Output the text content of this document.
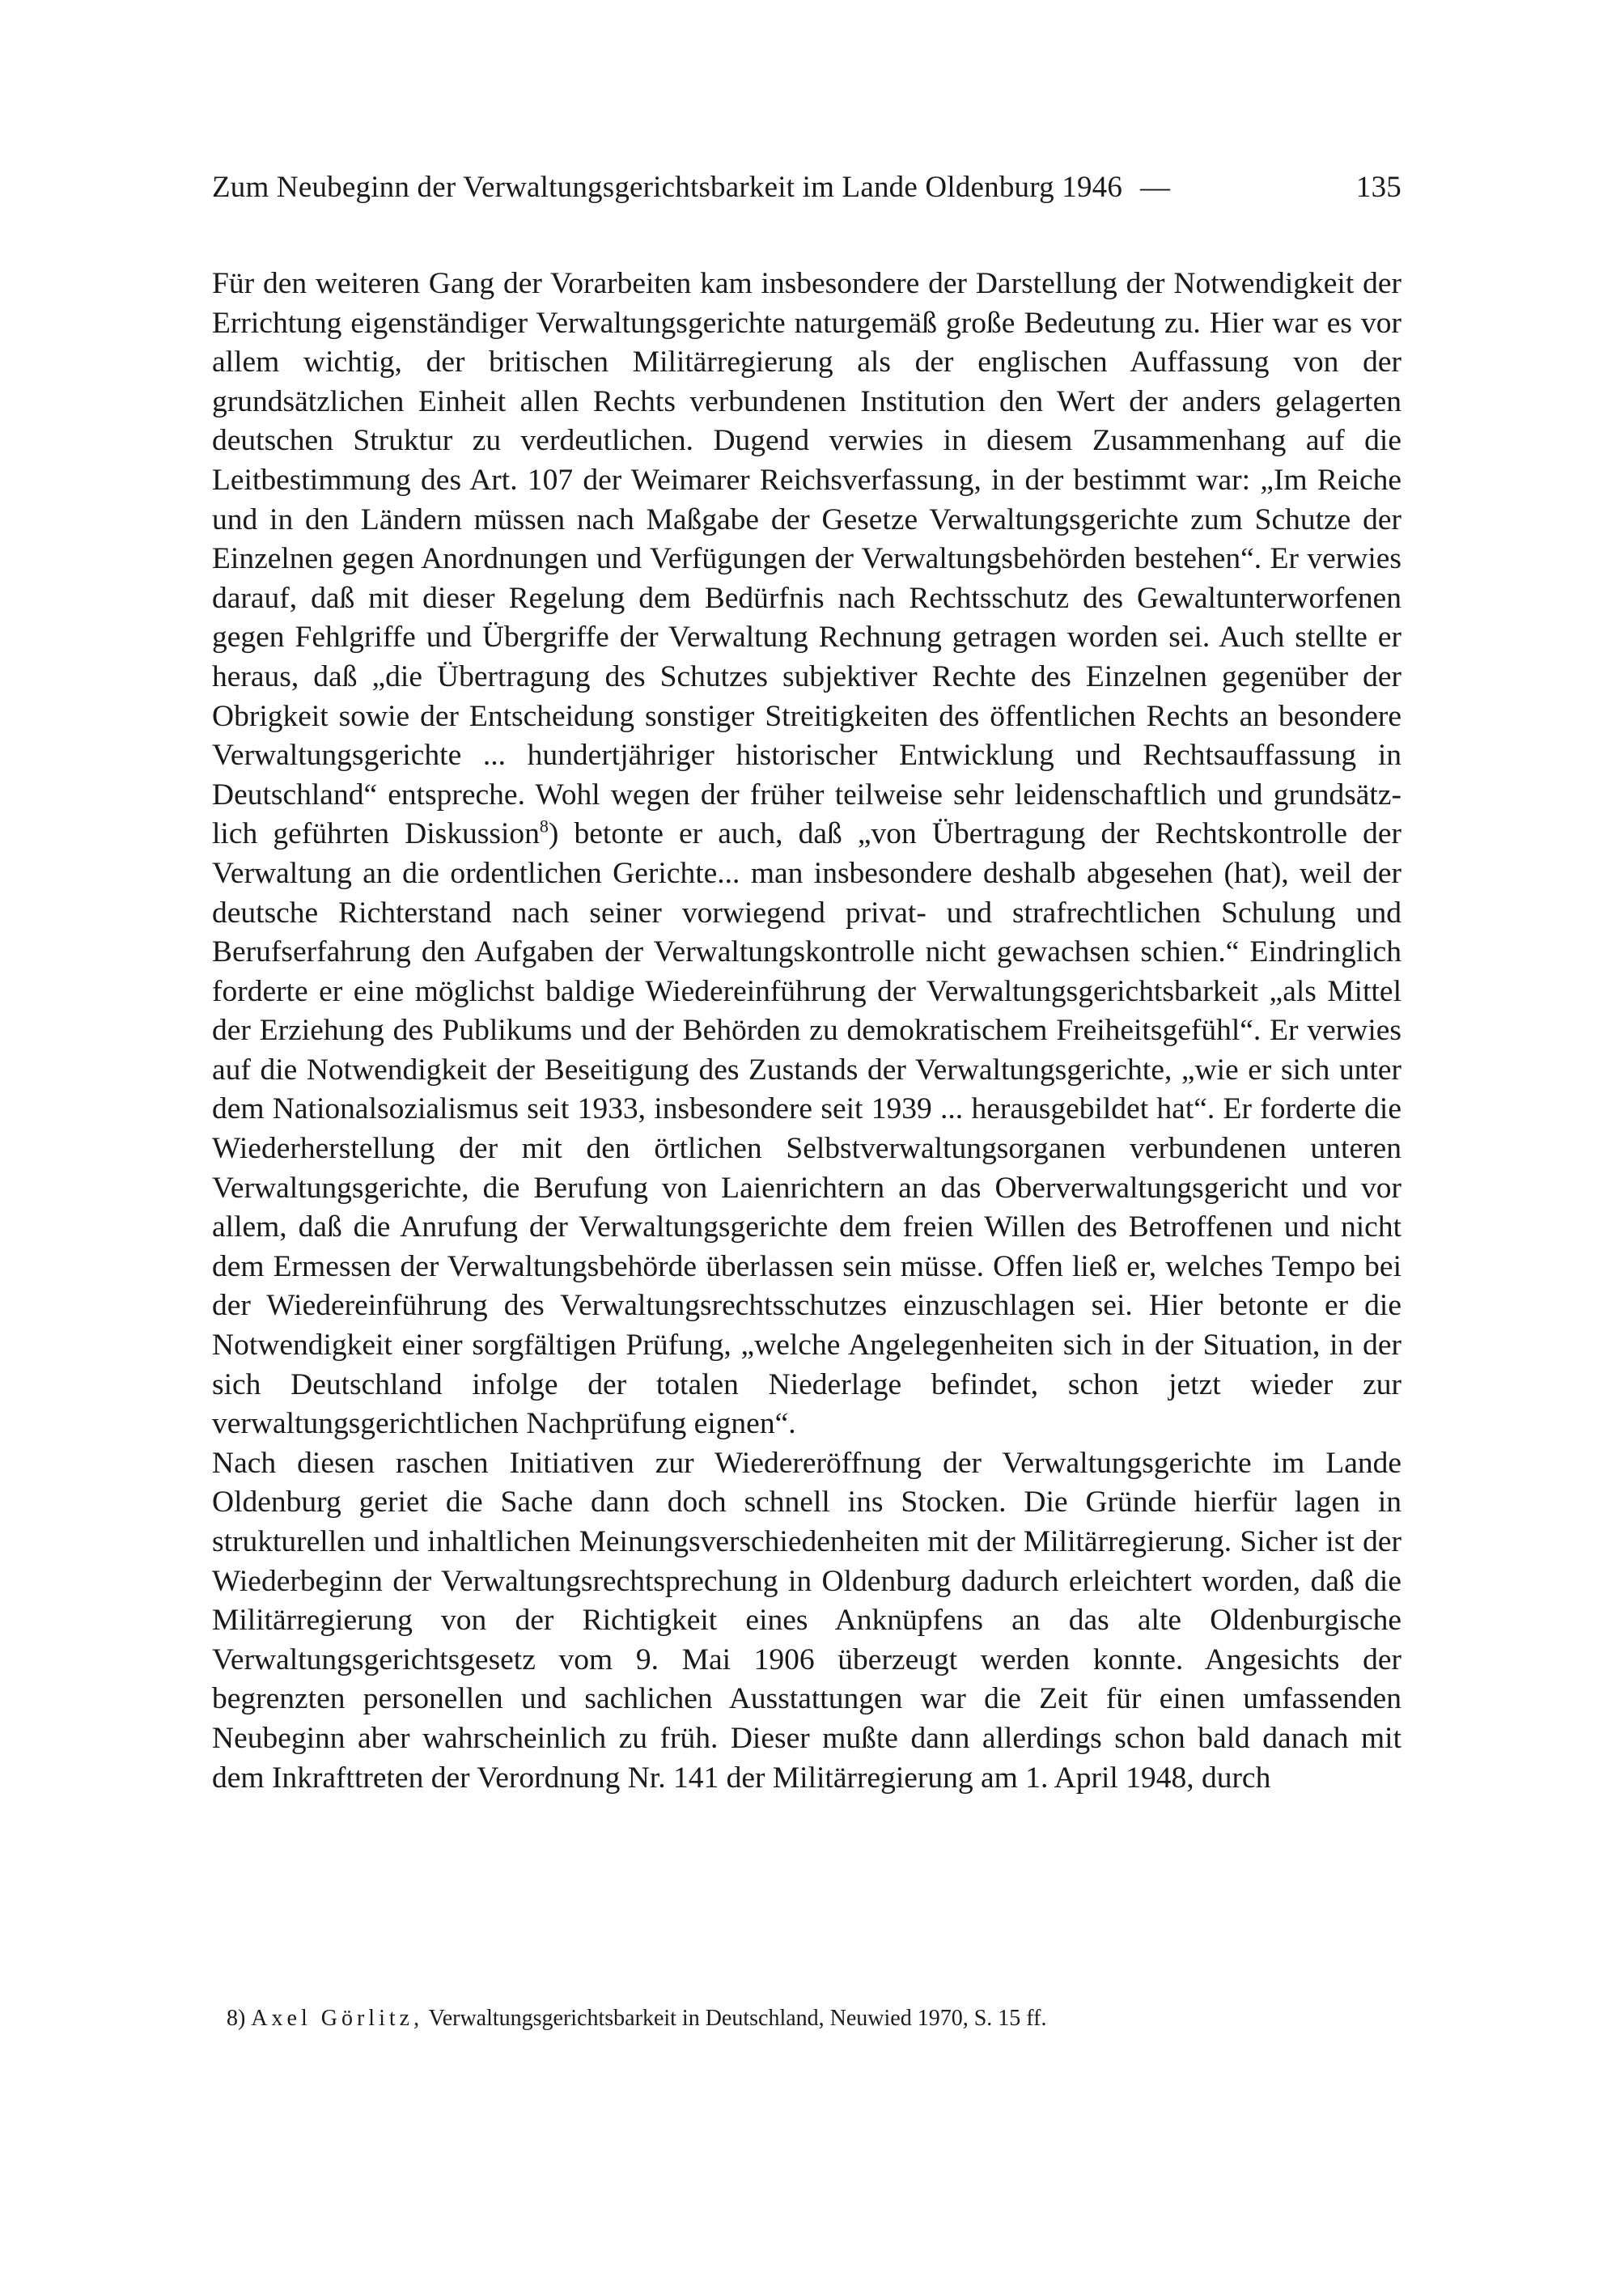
Zum Neubeginn der Verwaltungsgerichtsbarkeit im Lande Oldenburg 1946 —	135

Für den weiteren Gang der Vorarbeiten kam insbesondere der Darstellung der Notwendigkeit der Errichtung eigenständiger Verwaltungsgerichte naturgemäß große Bedeutung zu. Hier war es vor allem wichtig, der britischen Militärregierung als der englischen Auffassung von der grundsätzlichen Einheit allen Rechts verbundenen Institution den Wert der anders gelagerten deutschen Struktur zu verdeutlichen. Dugend verwies in diesem Zusammenhang auf die Leitbestimmung des Art. 107 der Weimarer Reichsverfassung, in der bestimmt war: „Im Reiche und in den Ländern müssen nach Maßgabe der Gesetze Verwaltungsgerichte zum Schutze der Einzelnen gegen Anordnungen und Verfügungen der Verwaltungsbehörden bestehen“. Er verwies darauf, daß mit dieser Regelung dem Bedürfnis nach Rechtsschutz des Gewaltunterworfenen gegen Fehlgriffe und Übergriffe der Verwaltung Rechnung getragen worden sei. Auch stellte er heraus, daß „die Übertragung des Schutzes subjektiver Rechte des Einzelnen gegenüber der Obrigkeit sowie der Entscheidung sonstiger Streitigkeiten des öffentlichen Rechts an besondere Verwaltungsgerichte ... hundertjähriger historischer Entwicklung und Rechtsauffassung in Deutschland“ entspreche. Wohl wegen der früher teilweise sehr leidenschaftlich und grundsätzlich geführten Diskussion$^8$) betonte er auch, daß „von Übertragung der Rechtskontrolle der Verwaltung an die ordentlichen Gerichte... man insbesondere deshalb abgesehen (hat), weil der deutsche Richterstand nach seiner vorwiegend privat- und strafrechtlichen Schulung und Berufserfahrung den Aufgaben der Verwaltungskontrolle nicht gewachsen schien.“ Eindringlich forderte er eine möglichst baldige Wiedereinführung der Verwaltungsgerichtsbarkeit „als Mittel der Erziehung des Publikums und der Behörden zu demokratischem Freiheitsgefühl“. Er verwies auf die Notwendigkeit der Beseitigung des Zustands der Verwaltungsgerichte, „wie er sich unter dem Nationalsozialismus seit 1933, insbesondere seit 1939 ... herausgebildet hat“. Er forderte die Wiederherstellung der mit den örtlichen Selbstverwaltungsorganen verbundenen unteren Verwaltungsgerichte, die Berufung von Laienrichtern an das Oberverwaltungsgericht und vor allem, daß die Anrufung der Verwaltungsgerichte dem freien Willen des Betroffenen und nicht dem Ermessen der Verwaltungsbehörde überlassen sein müsse. Offen ließ er, welches Tempo bei der Wiedereinführung des Verwaltungsrechtsschutzes einzuschlagen sei. Hier betonte er die Notwendigkeit einer sorgfältigen Prüfung, „welche Angelegenheiten sich in der Situation, in der sich Deutschland infolge der totalen Niederlage befindet, schon jetzt wieder zur verwaltungsgerichtlichen Nachprüfung eignen“.

Nach diesen raschen Initiativen zur Wiedereröffnung der Verwaltungsgerichte im Lande Oldenburg geriet die Sache dann doch schnell ins Stocken. Die Gründe hierfür lagen in strukturellen und inhaltlichen Meinungsverschiedenheiten mit der Militärregierung. Sicher ist der Wiederbeginn der Verwaltungsrechtsprechung in Oldenburg dadurch erleichtert worden, daß die Militärregierung von der Richtigkeit eines Anknüpfens an das alte Oldenburgische Verwaltungsgerichtsgesetz vom 9. Mai 1906 überzeugt werden konnte. Angesichts der begrenzten personellen und sachlichen Ausstattungen war die Zeit für einen umfassenden Neubeginn aber wahrscheinlich zu früh. Dieser mußte dann allerdings schon bald danach mit dem Inkrafttreten der Verordnung Nr. 141 der Militärregierung am 1. April 1948, durch

8) Axel Görlitz, Verwaltungsgerichtsbarkeit in Deutschland, Neuwied 1970, S. 15 ff.
